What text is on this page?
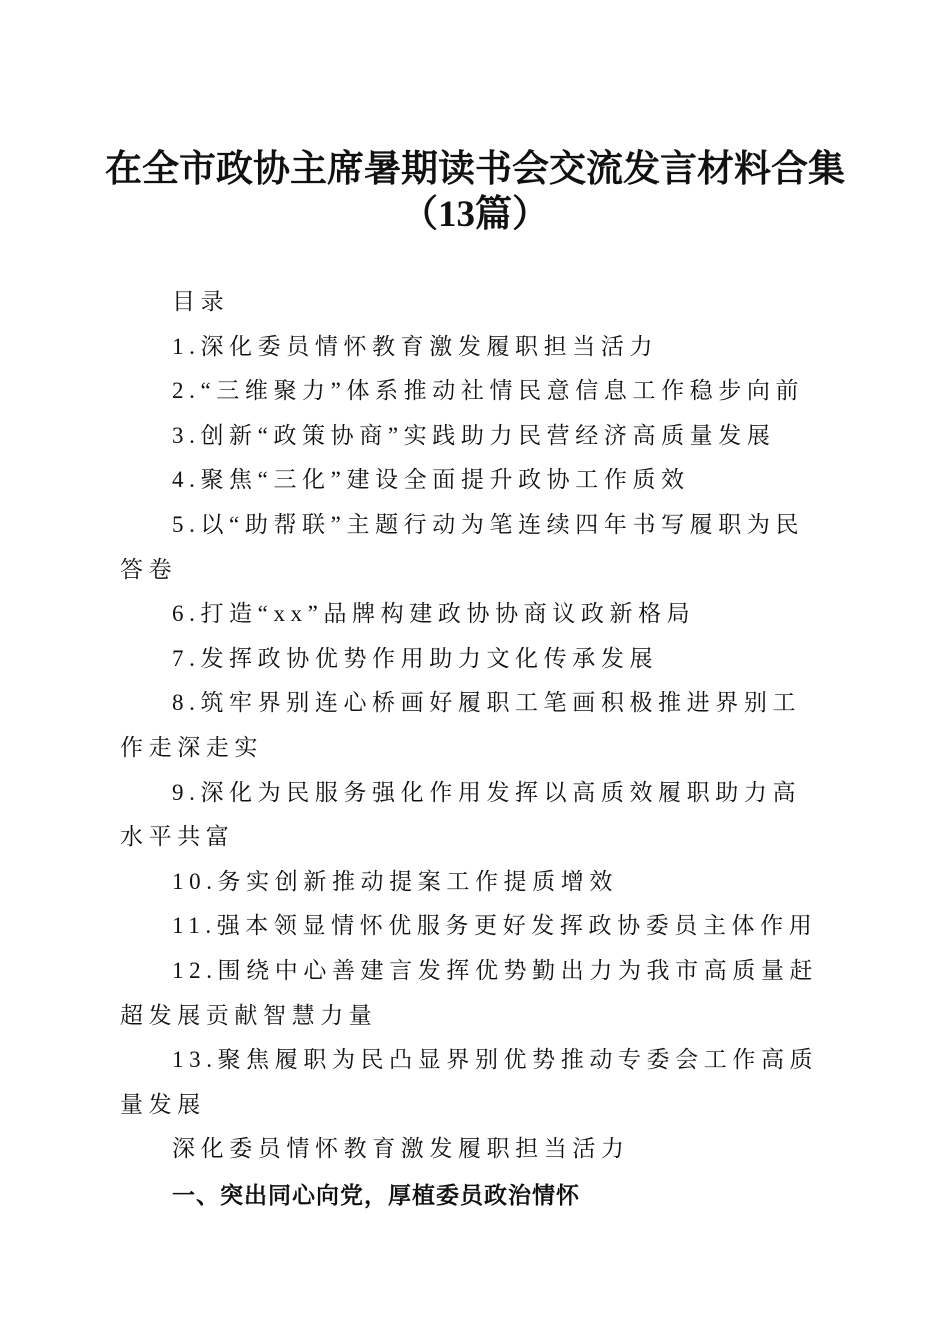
在全市政协主席暑期读书会交流发言材料合集
（13篇）

目录

1.深化委员情怀教育激发履职担当活力

2.“三维聚力”体系推动社情民意信息工作稳步向前

3.创新“政策协商”实践助力民营经济高质量发展

4.聚焦“三化”建设全面提升政协工作质效

5.以“助帮联”主题行动为笔连续四年书写履职为民答卷

6.打造“xx”品牌构建政协协商议政新格局

7.发挥政协优势作用助力文化传承发展

8.筑牢界别连心桥画好履职工笔画积极推进界别工作走深走实

9.深化为民服务强化作用发挥以高质效履职助力高水平共富

10.务实创新推动提案工作提质增效

11.强本领显情怀优服务更好发挥政协委员主体作用

12.围绕中心善建言发挥优势勤出力为我市高质量赶超发展贡献智慧力量

13.聚焦履职为民凸显界别优势推动专委会工作高质量发展

深化委员情怀教育激发履职担当活力

一、突出同心向党，厚植委员政治情怀
